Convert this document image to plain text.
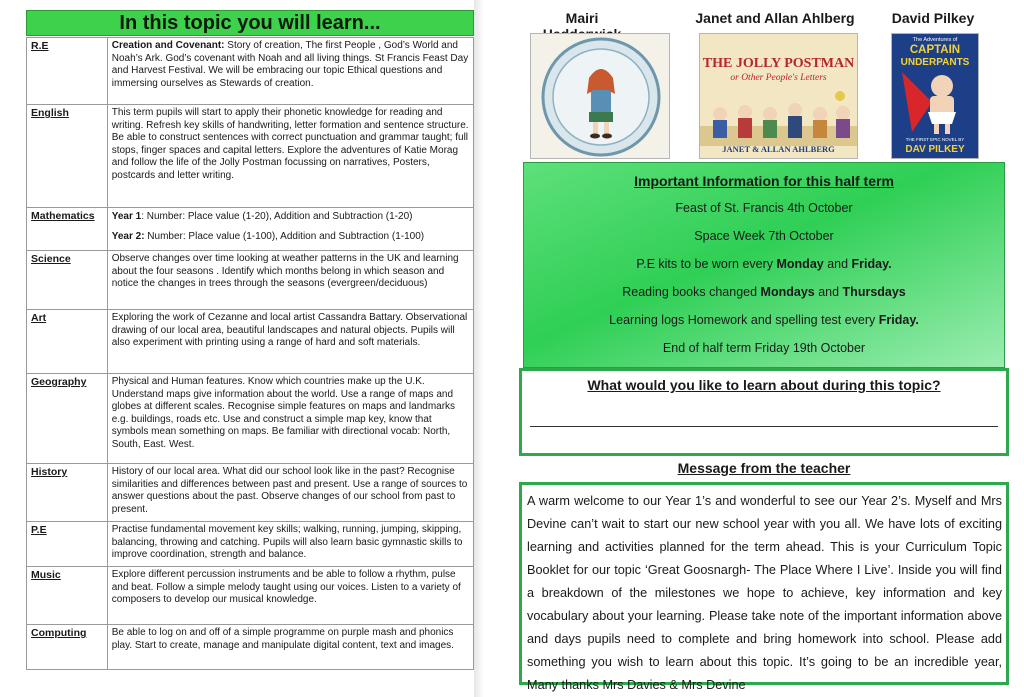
In this topic you will learn...
R.E	Creation and Covenant: Story of creation, The first People , God’s World and Noah’s Ark. God’s covenant with Noah and all living things. St Francis Feast Day and Harvest Festival. We will be embracing our topic Ethical questions and immersing ourselves as Stewards of creation.
English	This term pupils will start to apply their phonetic knowledge for reading and writing. Refresh key skills of handwriting, letter formation and sentence structure. Be able to construct sentences with correct punctuation and grammar taught; full stops, finger spaces and capital letters. Explore the adventures of Katie Morag and follow the life of the Jolly Postman focussing on narratives, Posters, postcards and letter writing.
Mathematics	Year 1: Number: Place value (1-20), Addition and Subtraction (1-20)
Year 2: Number: Place value (1-100), Addition and Subtraction (1-100)

Science	Observe changes over time looking at weather patterns in the UK and learning about the four seasons . Identify which months belong in which season and notice the changes in trees through the seasons (evergreen/deciduous)
Art	Exploring the work of Cezanne and local artist Cassandra Battary. Observational drawing of our local area, beautiful landscapes and natural objects. Pupils will also experiment with printing using a range of hard and soft materials.
Geography	Physical and Human features. Know which countries make up the U.K. Understand maps give information about the world. Use a range of maps and globes at different scales. Recognise simple features on maps and landmarks e.g. buildings, roads etc. Use and construct a simple map key, know that symbols mean something on maps. Be familiar with directional vocab: North, South, East. West.
History	History of our local area. What did our school look like in the past? Recognise similarities and differences between past and present. Use a range of sources to answer questions about the past. Observe changes of our school from past to present.
P.E	Practise fundamental movement key skills; walking, running, jumping, skipping, balancing, throwing and catching. Pupils will also learn basic gymnastic skills to improve coordination, strength and balance.
Music	Explore different percussion instruments and be able to follow a rhythm, pulse and beat. Follow a simple melody taught using our voices. Listen to a variety of composers to develop our musical knowledge.
Computing	Be able to log on and off of a simple programme on purple mash and phonics play. Start to create, manage and manipulate digital content, text and images.
Mairi	Janet and Allan Ahlberg	David Pilkey
THE JOLLY POSTMAN
or Other People's Letters
JANET & ALLAN AHLBERG
The Adventures of
CAPTAIN
UNDERPANTS
THE FIRST EPIC NOVEL BY
DAV PILKEY
Important Information for this half term
Feast of St. Francis 4th October
Space Week 7th October
P.E kits to be worn every Monday and Friday.
Reading books changed Mondays and Thursdays
Learning logs Homework and spelling test every Friday.
End of half term Friday 19th October
What would you like to learn about during this topic?
Message from the teacher
A warm welcome to our Year 1’s and wonderful to see our Year 2’s. Myself and Mrs Devine can’t wait to start our new school year with you all. We have lots of exciting learning and activities planned for the term ahead. This is your Curriculum Topic Booklet for our topic ‘Great Goosnargh- The Place Where I Live’. Inside you will find a breakdown of the milestones we hope to achieve, key information and key vocabulary about your learning. Please take note of the important information above and days pupils need to complete and bring homework into school. Please add something you wish to learn about this topic. It’s going to be an incredible year, Many thanks Mrs Davies & Mrs Devine
